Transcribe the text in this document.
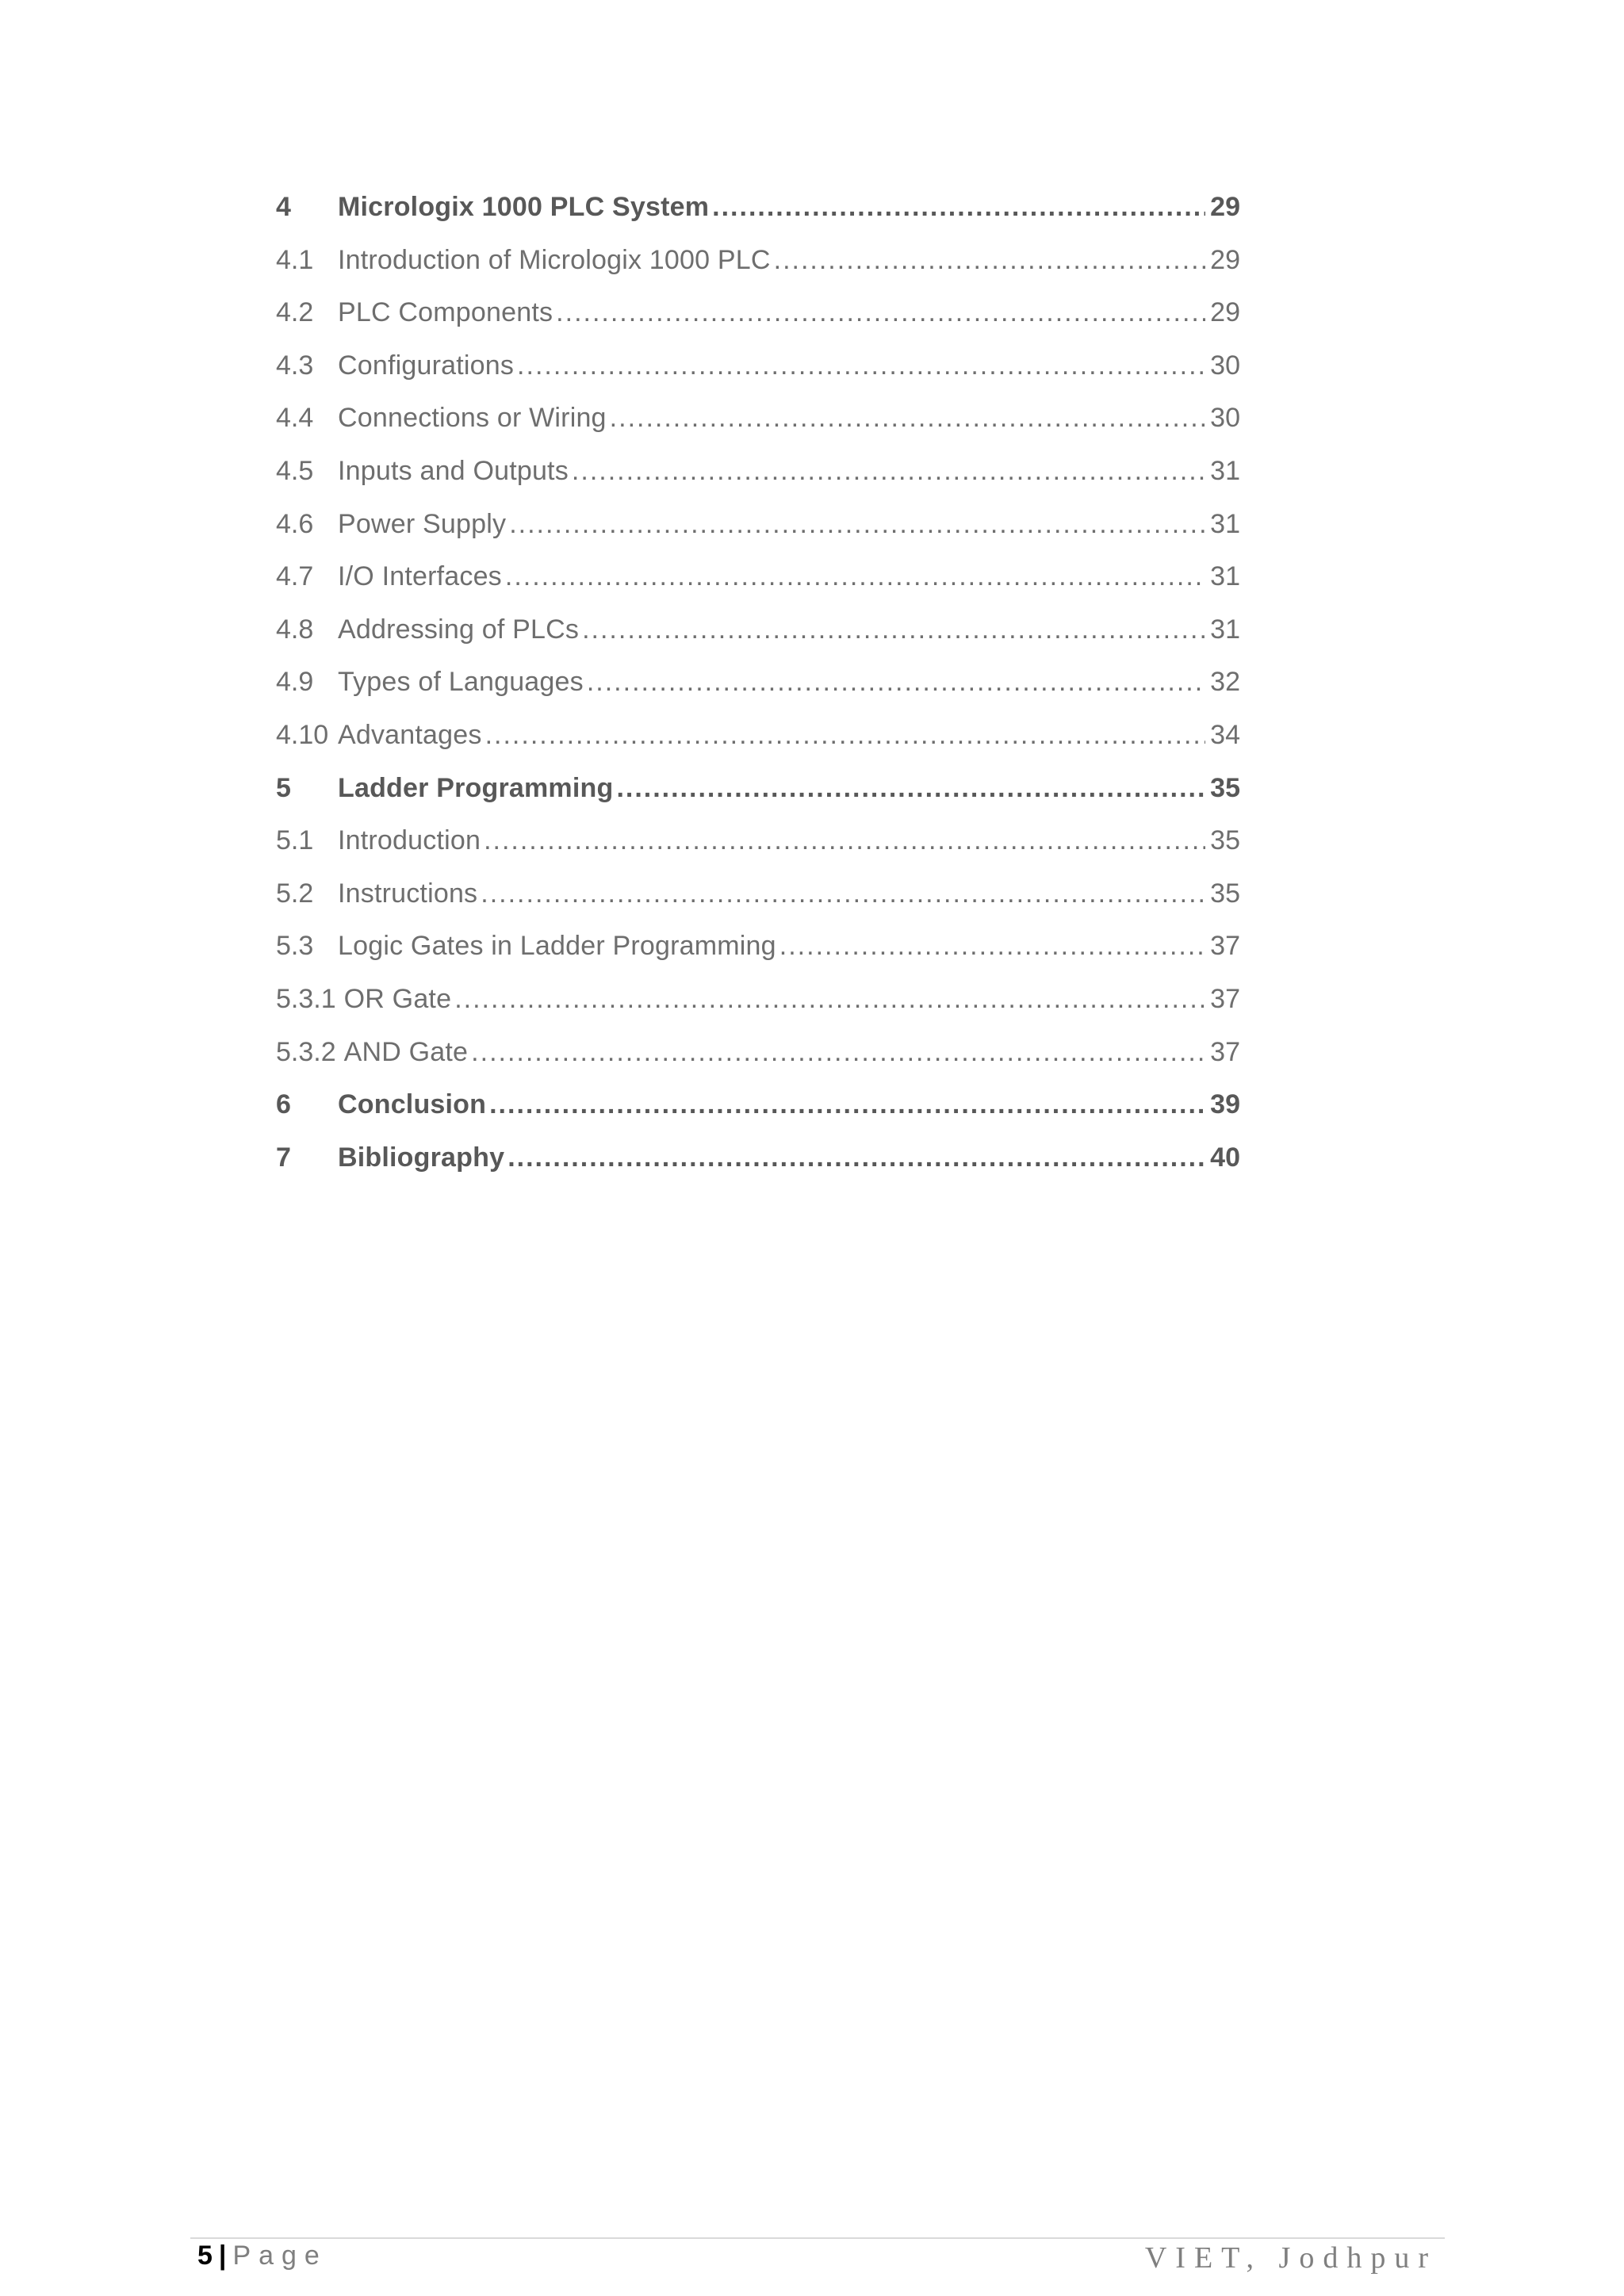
4	Micrologix 1000 PLC System .....	29
4.1 Introduction of Micrologix 1000 PLC .....	29
4.2 PLC Components .....	29
4.3 Configurations .....	30
4.4 Connections or Wiring .....	30
4.5 Inputs and Outputs .....	31
4.6 Power Supply .....	31
4.7 I/O Interfaces .....	31
4.8 Addressing of PLCs .....	31
4.9 Types of Languages .....	32
4.10 Advantages .....	34
5	Ladder Programming .....	35
5.1 Introduction .....	35
5.2 Instructions .....	35
5.3 Logic Gates in Ladder Programming .....	37
5.3.1 OR Gate .....	37
5.3.2 AND Gate .....	37
6	Conclusion .....	39
7	Bibliography .....	40
5 | Page	VIET, Jodhpur
